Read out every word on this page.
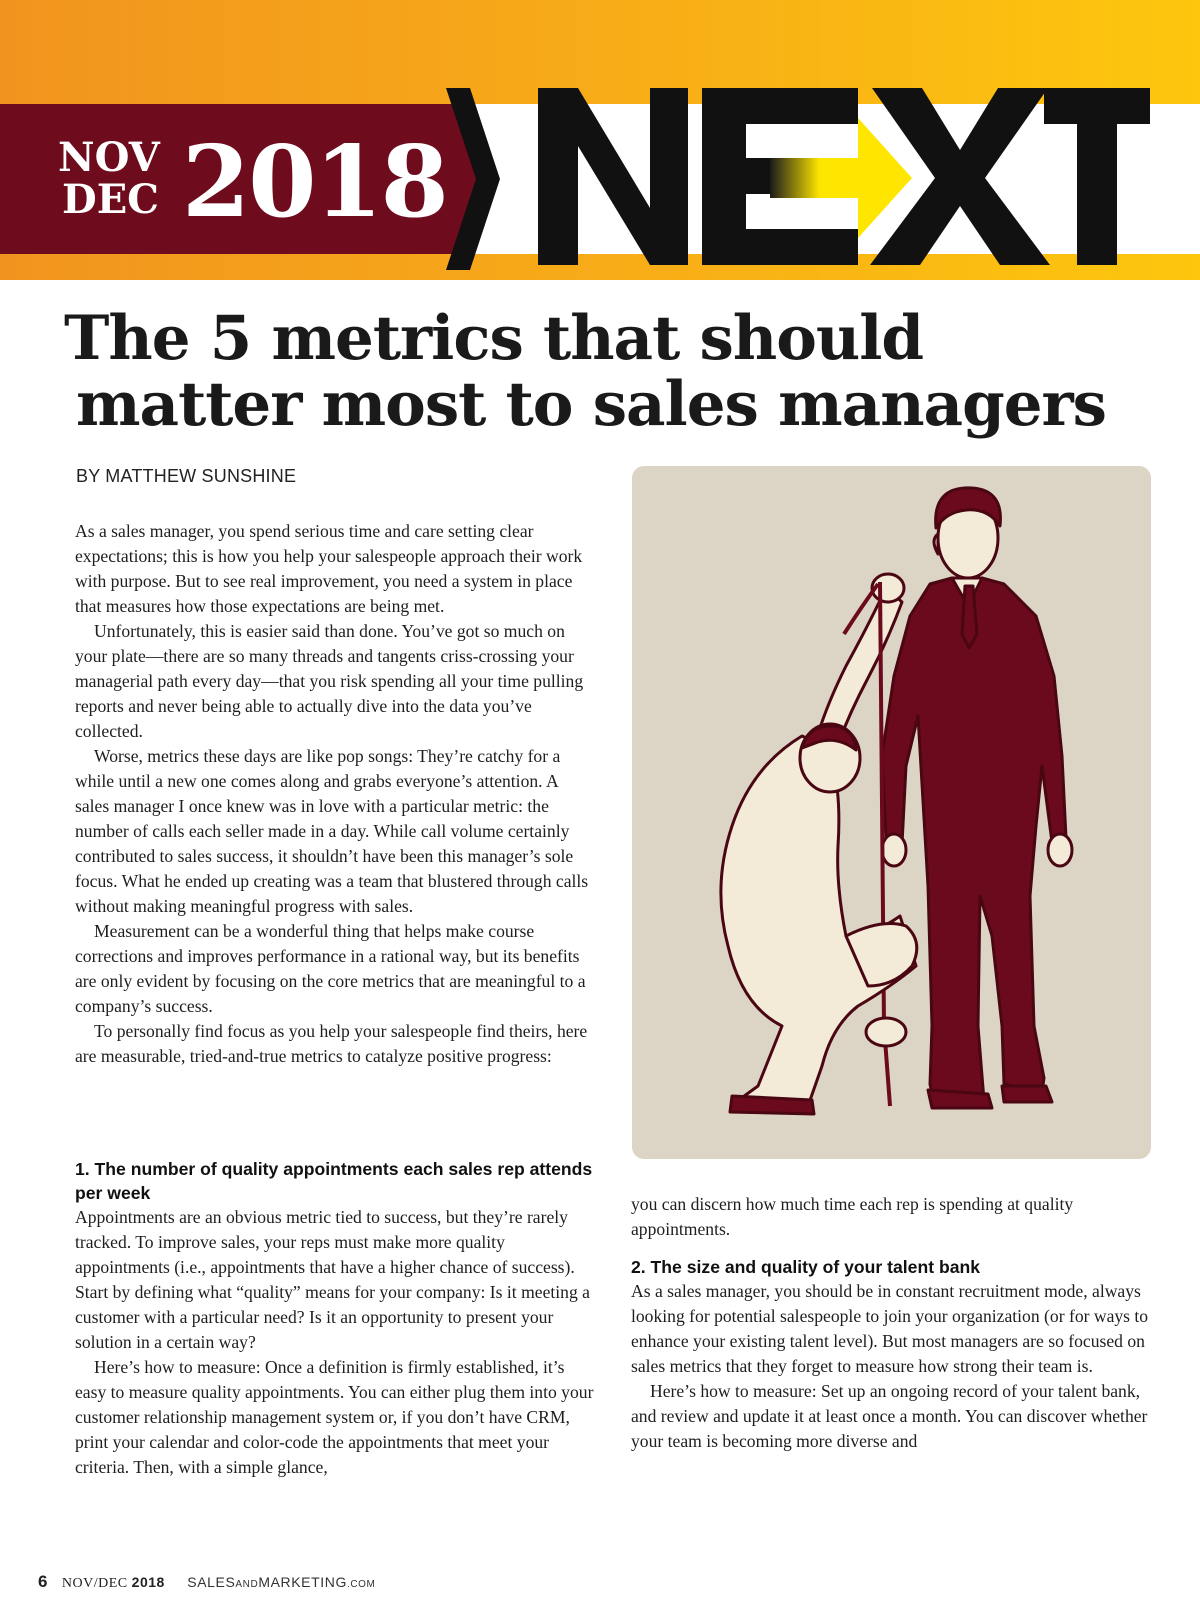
NOV
DEC 2018
The 5 metrics that should
matter most to sales managers
BY MATTHEW SUNSHINE

As a sales manager, you spend serious time and care setting clear expectations; this is how you help your salespeople approach their work with purpose. But to see real improvement, you need a system in place that measures how those expectations are being met.

Unfortunately, this is easier said than done. You’ve got so much on your plate—there are so many threads and tangents criss-crossing your managerial path every day—that you risk spending all your time pulling reports and never being able to actually dive into the data you’ve collected.

Worse, metrics these days are like pop songs: They’re catchy for a while until a new one comes along and grabs everyone’s attention. A sales manager I once knew was in love with a particular metric: the number of calls each seller made in a day. While call volume certainly contributed to sales success, it shouldn’t have been this manager’s sole focus. What he ended up creating was a team that blustered through calls without making meaningful progress with sales.

Measurement can be a wonderful thing that helps make course corrections and improves performance in a rational way, but its benefits are only evident by focusing on the core metrics that are meaningful to a company’s success.

To personally find focus as you help your salespeople find theirs, here are measurable, tried-and-true metrics to catalyze positive progress:

1. The number of quality appointments each sales rep attends per week

Appointments are an obvious metric tied to success, but they’re rarely tracked. To improve sales, your reps must make more quality appointments (i.e., appointments that have a higher chance of success). Start by defining what “quality” means for your company: Is it meeting a customer with a particular need? Is it an opportunity to present your solution in a certain way?

Here’s how to measure: Once a definition is firmly established, it’s easy to measure quality appointments. You can either plug them into your customer relationship management system or, if you don’t have CRM, print your calendar and color-code the appointments that meet your criteria. Then, with a simple glance,

you can discern how much time each rep is spending at quality appointments.

2. The size and quality of your talent bank

As a sales manager, you should be in constant recruitment mode, always looking for potential salespeople to join your organization (or for ways to enhance your existing talent level). But most managers are so focused on sales metrics that they forget to measure how strong their team is.

Here’s how to measure: Set up an ongoing record of your talent bank, and review and update it at least once a month. You can discover whether your team is becoming more diverse and

6 NOV/DEC 2018 SALESANDMARKETING.COM
